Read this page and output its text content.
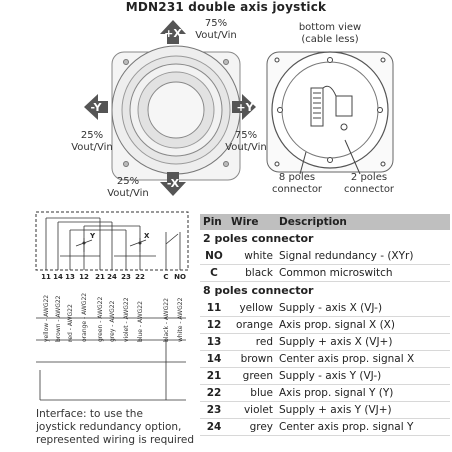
MDN231 double axis joystick
+X
-X
-Y	+Y
Y	X
11 14 13 12 21 24 23 22	C NO
yellow - AWG22 brown - AWG22 red - AWG22 orange - AWG22 green - AWG22 grey - AWG22 violet - AWG22 blue - AWG22	black - AWG22 white - AWG22
75%
Vout/Vin
25%
Vout/Vin
25%
Vout/Vin
75%
Vout/Vin
bottom view
(cable less)
8 poles
connector
2 poles
connector
Pin	Wire	Description
2 poles connector		
NO	white	Signal redundancy - (XYr)
C	black	Common microswitch
8 poles connector		
11	yellow	Supply - axis X (VJ-)
12	orange	Axis prop. signal X (X)
13	red	Supply + axis X (VJ+)
14	brown	Center axis prop. signal X
21	green	Supply - axis Y (VJ-)
22	blue	Axis prop. signal Y (Y)
23	violet	Supply + axis Y (VJ+)
24	grey	Center axis prop. signal Y
Interface: to use the
joystick redundancy option,
represented wiring is required
